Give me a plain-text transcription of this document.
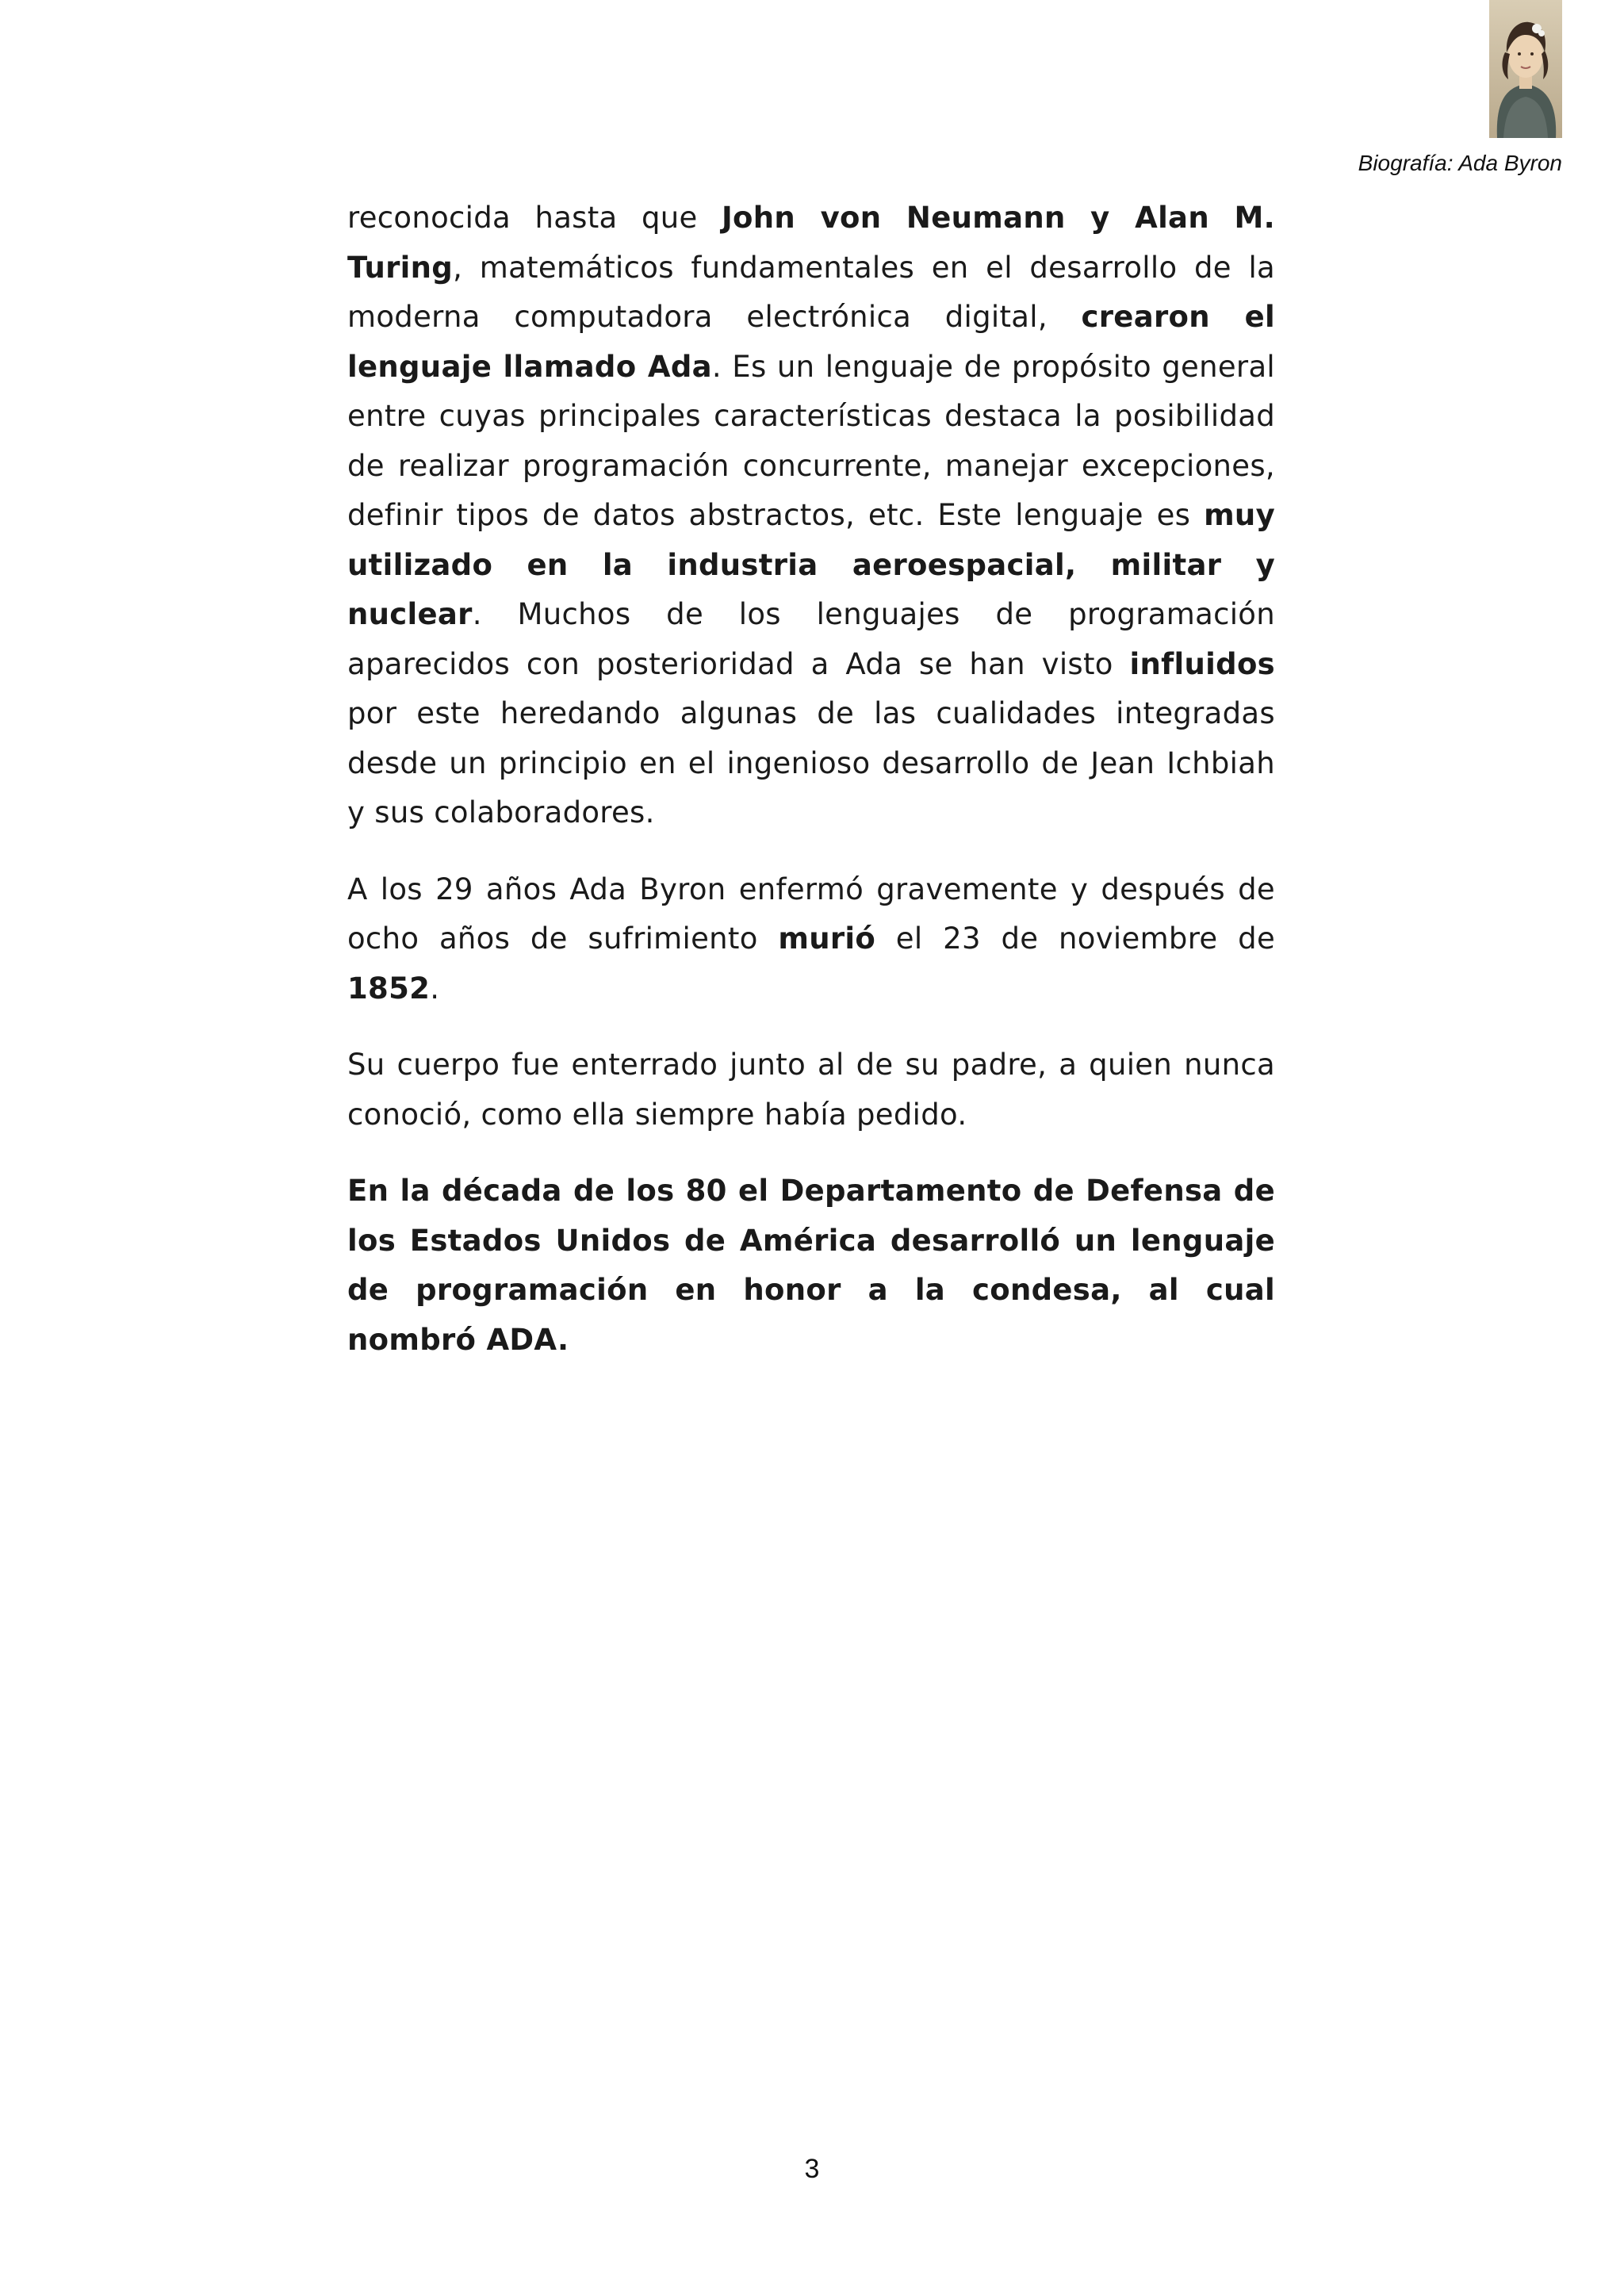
Biografía: Ada Byron

reconocida hasta que John von Neumann y Alan M. Turing, matemáticos fundamentales en el desarrollo de la moderna computadora electrónica digital, crearon el lenguaje llamado Ada. Es un lenguaje de propósito general entre cuyas principales características destaca la posibilidad de realizar programación concurrente, manejar excepciones, definir tipos de datos abstractos, etc. Este lenguaje es muy utilizado en la industria aeroespacial, militar y nuclear. Muchos de los lenguajes de programación aparecidos con posterioridad a Ada se han visto influidos por este heredando algunas de las cualidades integradas desde un principio en el ingenioso desarrollo de Jean Ichbiah y sus colaboradores.

A los 29 años Ada Byron enfermó gravemente y después de ocho años de sufrimiento murió el 23 de noviembre de 1852.

Su cuerpo fue enterrado junto al de su padre, a quien nunca conoció, como ella siempre había pedido.

En la década de los 80 el Departamento de Defensa de los Estados Unidos de América desarrolló un lenguaje de programación en honor a la condesa, al cual nombró ADA.

3
